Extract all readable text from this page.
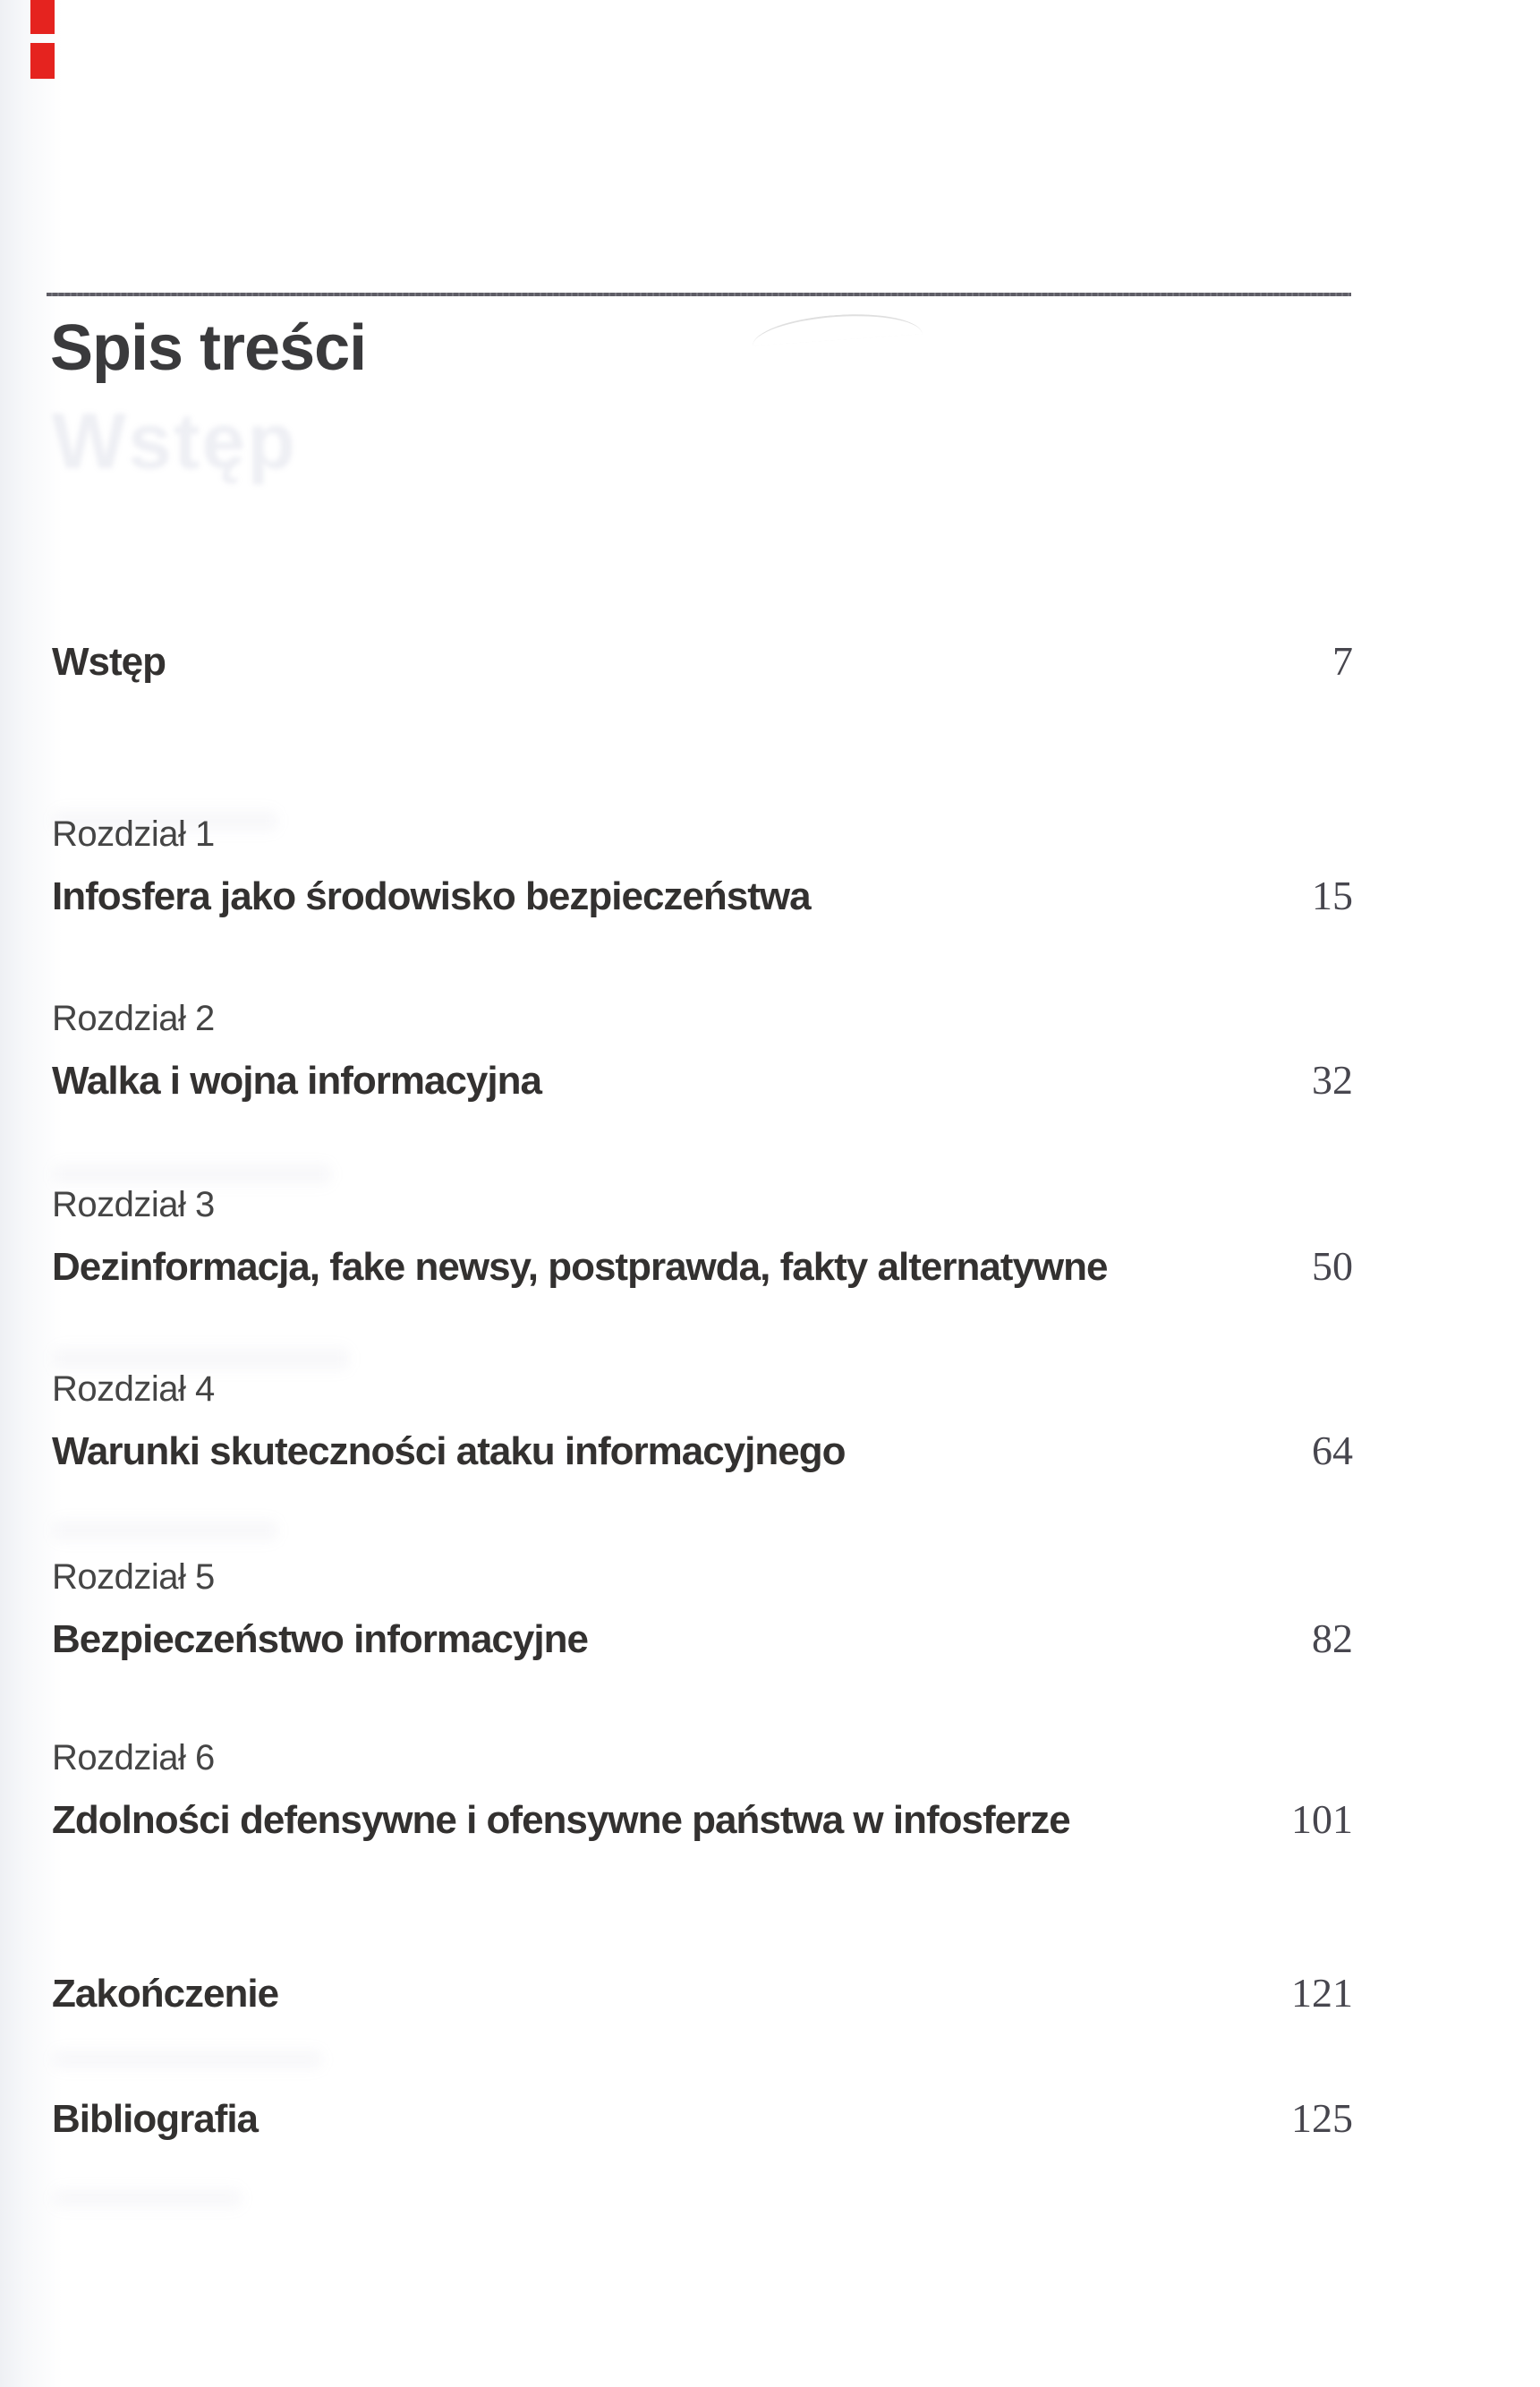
Spis treści
Wstęp
Wstęp	7
Rozdział 1
Infosfera jako środowisko bezpieczeństwa	15
Rozdział 2
Walka i wojna informacyjna	32
Rozdział 3
Dezinformacja, fake newsy, postprawda, fakty alternatywne	50
Rozdział 4
Warunki skuteczności ataku informacyjnego	64
Rozdział 5
Bezpieczeństwo informacyjne	82
Rozdział 6
Zdolności defensywne i ofensywne państwa w infosferze	101
Zakończenie	121
Bibliografia	125
